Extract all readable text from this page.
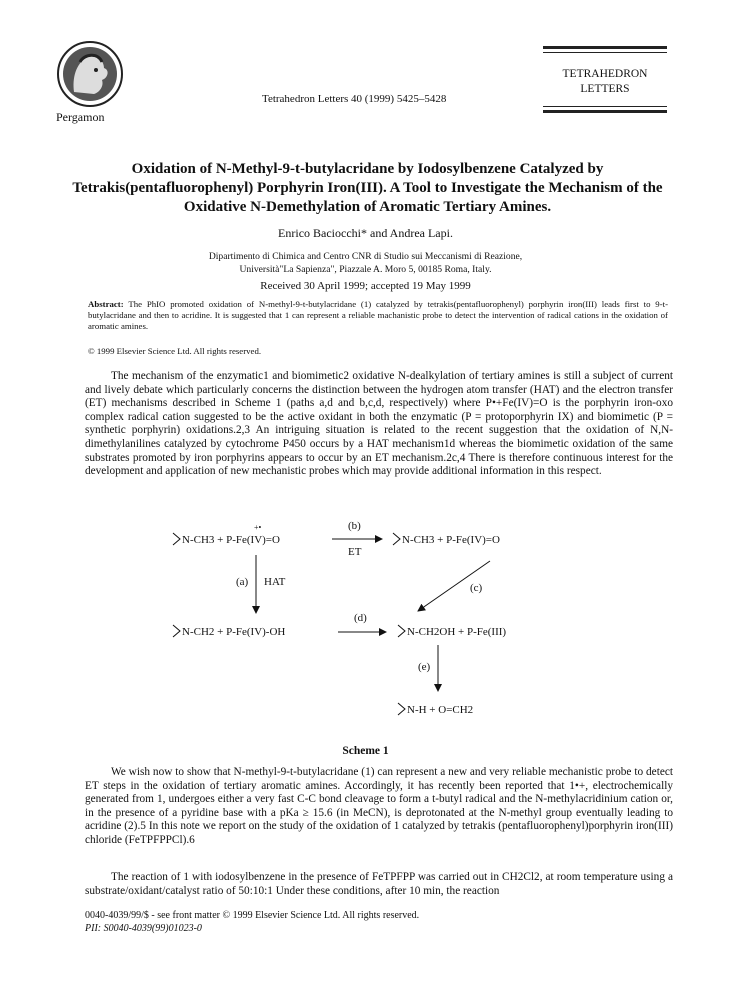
Pergamon
Tetrahedron Letters 40 (1999) 5425–5428
TETRAHEDRON
LETTERS
Oxidation of N-Methyl-9-t-butylacridane by Iodosylbenzene Catalyzed by Tetrakis(pentafluorophenyl) Porphyrin Iron(III). A Tool to Investigate the Mechanism of the Oxidative N-Demethylation of Aromatic Tertiary Amines.
Enrico Baciocchi* and Andrea Lapi.
Dipartimento di Chimica and Centro CNR di Studio sui Meccanismi di Reazione,
Università"La Sapienza", Piazzale A. Moro 5, 00185 Roma, Italy.
Received 30 April 1999; accepted 19 May 1999
Abstract: The PhIO promoted oxidation of N-methyl-9-t-butylacridane (1) catalyzed by tetrakis(pentafluorophenyl) porphyrin iron(III) leads first to 9-t-butylacridane and then to acridine. It is suggested that 1 can represent a reliable machanistic probe to detect the intervention of radical cations in the oxidation of aromatic amines.
© 1999 Elsevier Science Ltd. All rights reserved.
The mechanism of the enzymatic1 and biomimetic2 oxidative N-dealkylation of tertiary amines is still a subject of current and lively debate which particularly concerns the distinction between the hydrogen atom transfer (HAT) and the electron transfer (ET) mechanisms described in Scheme 1 (paths a,d and b,c,d, respectively) where P•+Fe(IV)=O is the porphyrin iron-oxo complex radical cation suggested to be the active oxidant in both the enzymatic (P = protoporphyrin IX) and biomimetic (P = synthetic porphyrin) oxidations.2,3 An intriguing situation is related to the recent suggestion that the oxidation of N,N-dimethylanilines catalyzed by cytochrome P450 occurs by a HAT mechanism1d whereas the biomimetic oxidation of the same substrates promoted by iron porphyrins appears to occur by an ET mechanism.2c,4 There is therefore continuous interest for the development and application of new mechanistic probes which may provide additional information in this respect.
N-CH3 + P-Fe(IV)=O
+•	(b)
ET
N-CH3 + P-Fe(IV)=O
(a) HAT	(c)
N-CH2 + P-Fe(IV)-OH
(d)
N-CH2OH + P-Fe(III)
(e)
N-H + O=CH2
Scheme 1
We wish now to show that N-methyl-9-t-butylacridane (1) can represent a new and very reliable mechanistic probe to detect ET steps in the oxidation of tertiary aromatic amines. Accordingly, it has recently been reported that 1•+, electrochemically generated from 1, undergoes either a very fast C-C bond cleavage to form a t-butyl radical and the N-methylacridinium cation or, in the presence of a pyridine base with a pKa ≥ 15.6 (in MeCN), is deprotonated at the N-methyl group eventually leading to acridine (2).5 In this note we report on the study of the oxidation of 1 catalyzed by tetrakis (pentafluorophenyl)porphyrin iron(III) chloride (FeTPFPPCl).6
The reaction of 1 with iodosylbenzene in the presence of FeTPFPP was carried out in CH2Cl2, at room temperature using a substrate/oxidant/catalyst ratio of 50:10:1 Under these conditions, after 10 min, the reaction
0040-4039/99/$ - see front matter © 1999 Elsevier Science Ltd. All rights reserved.
PII: S0040-4039(99)01023-0
